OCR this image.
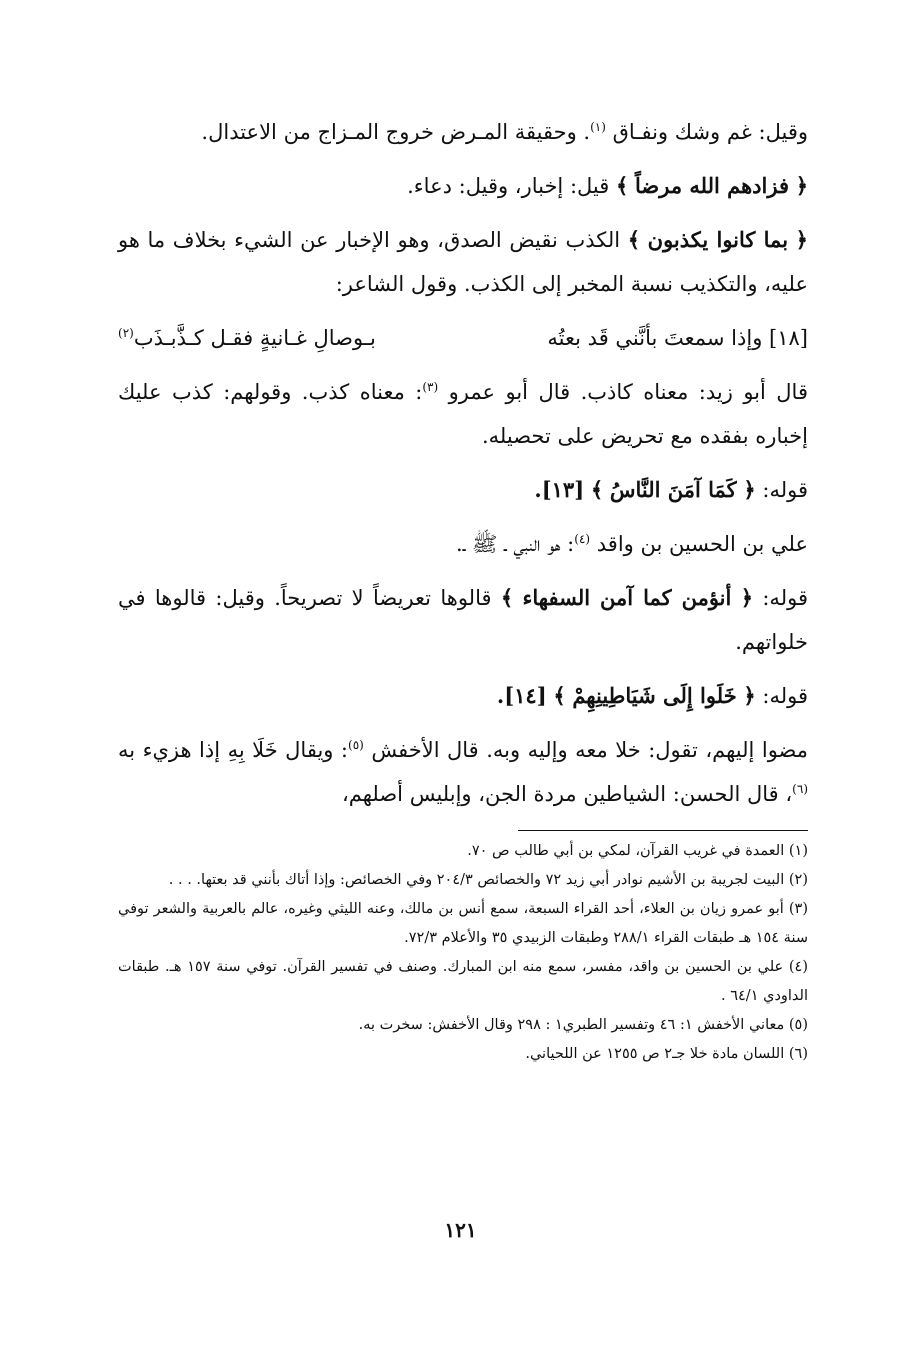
وقيل: غم وشك ونفـاق $^{(١)}$. وحقيقة المـرض خروج المـزاج من الاعتدال.

﴿ فزادهم الله مرضاً ﴾ قيل: إخبار، وقيل: دعاء.

﴿ بما كانوا يكذبون ﴾ الكذب نقيض الصدق، وهو الإخبار عن الشيء بخلاف ما هو عليه، والتكذيب نسبة المخبر إلى الكذب. وقول الشاعر:

[١٨] وإذا سمعتَ بأنَّني قَد بعتُه
بـوصالِ غـانيةٍ فقـل كـذَّبـذَب$^{(٢)}$

قال أبو زيد: معناه كاذب. قال أبو عمرو $^{(٣)}$: معناه كذب. وقولهم: كذب عليك إخباره بفقده مع تحريض على تحصيله.

قوله: ﴿ كَمَا آمَنَ النَّاسُ ﴾ [١٣].

علي بن الحسين بن واقد $^{(٤)}$: هو النبي ـ ﷺ ـ.

قوله: ﴿ أنؤمن كما آمن السفهاء ﴾ قالوها تعريضاً لا تصريحاً. وقيل: قالوها في خلواتهم.

قوله: ﴿ خَلَوا إِلَى شَيَاطِينِهِمْ ﴾ [١٤].

مضوا إليهم، تقول: خلا معه وإليه وبه. قال الأخفش $^{(٥)}$: ويقال خَلَا بِهِ إذا هزيء به $^{(٦)}$، قال الحسن: الشياطين مردة الجن، وإبليس أصلهم،

(١) العمدة في غريب القرآن، لمكي بن أبي طالب ص ٧٠.

(٢) البيت لجريبة بن الأشيم نوادر أبي زيد ٧٢ والخصائص ٢٠٤/٣ وفي الخصائص: وإذا أتاك بأنني قد بعتها. . . .

(٣) أبو عمرو زيان بن العلاء، أحد القراء السبعة، سمع أنس بن مالك، وعنه الليثي وغيره، عالم بالعربية والشعر توفي سنة ١٥٤ هـ طبقات القراء ٢٨٨/١ وطبقات الزبيدي ٣٥ والأعلام ٧٢/٣.

(٤) علي بن الحسين بن واقد، مفسر، سمع منه ابن المبارك. وصنف في تفسير القرآن. توفي سنة ١٥٧ هـ. طبقات الداودي ٦٤/١ .

(٥) معاني الأخفش ١: ٤٦ وتفسير الطبري١ : ٢٩٨ وقال الأخفش: سخرت به.

(٦) اللسان مادة خلا جـ٢ ص ١٢٥٥ عن اللحياني.

١٢١
